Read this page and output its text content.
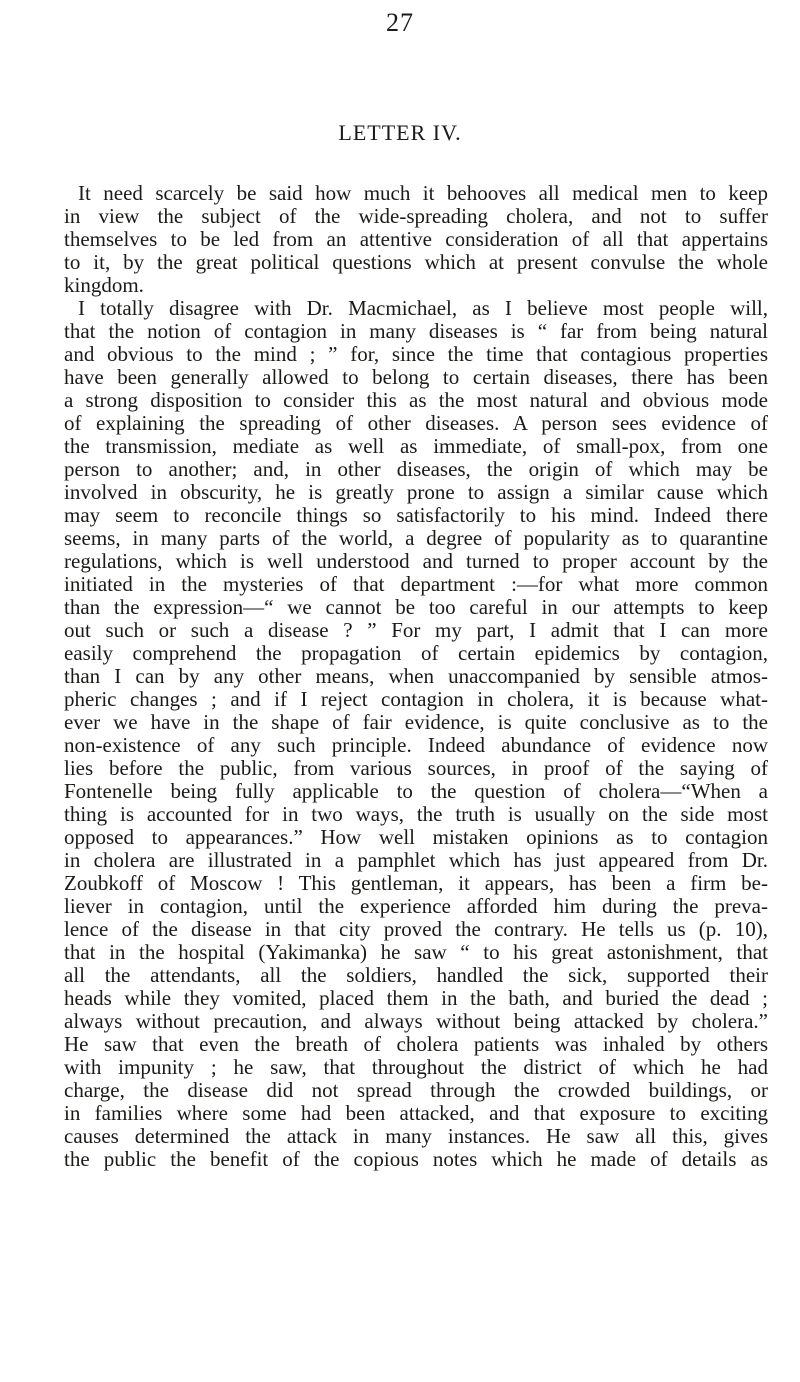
27
LETTER IV.
It need scarcely be said how much it behooves all medical men to keep
in view the subject of the wide-spreading cholera, and not to suffer
themselves to be led from an attentive consideration of all that appertains
to it, by the great political questions which at present convulse the whole
kingdom.
I totally disagree with Dr. Macmichael, as I believe most people will,
that the notion of contagion in many diseases is “ far from being natural
and obvious to the mind ; ” for, since the time that contagious properties
have been generally allowed to belong to certain diseases, there has been
a strong disposition to consider this as the most natural and obvious mode
of explaining the spreading of other diseases. A person sees evidence of
the transmission, mediate as well as immediate, of small-pox, from one
person to another; and, in other diseases, the origin of which may be
involved in obscurity, he is greatly prone to assign a similar cause which
may seem to reconcile things so satisfactorily to his mind. Indeed there
seems, in many parts of the world, a degree of popularity as to quarantine
regulations, which is well understood and turned to proper account by the
initiated in the mysteries of that department :—for what more common
than the expression—“ we cannot be too careful in our attempts to keep
out such or such a disease ? ” For my part, I admit that I can more
easily comprehend the propagation of certain epidemics by contagion,
than I can by any other means, when unaccompanied by sensible atmos-
pheric changes ; and if I reject contagion in cholera, it is because what-
ever we have in the shape of fair evidence, is quite conclusive as to the
non-existence of any such principle. Indeed abundance of evidence now
lies before the public, from various sources, in proof of the saying of
Fontenelle being fully applicable to the question of cholera—“When a
thing is accounted for in two ways, the truth is usually on the side most
opposed to appearances.” How well mistaken opinions as to contagion
in cholera are illustrated in a pamphlet which has just appeared from Dr.
Zoubkoff of Moscow ! This gentleman, it appears, has been a firm be-
liever in contagion, until the experience afforded him during the preva-
lence of the disease in that city proved the contrary. He tells us (p. 10),
that in the hospital (Yakimanka) he saw “ to his great astonishment, that
all the attendants, all the soldiers, handled the sick, supported their
heads while they vomited, placed them in the bath, and buried the dead ;
always without precaution, and always without being attacked by cholera.”
He saw that even the breath of cholera patients was inhaled by others
with impunity ; he saw, that throughout the district of which he had
charge, the disease did not spread through the crowded buildings, or
in families where some had been attacked, and that exposure to exciting
causes determined the attack in many instances. He saw all this, gives
the public the benefit of the copious notes which he made of details as
